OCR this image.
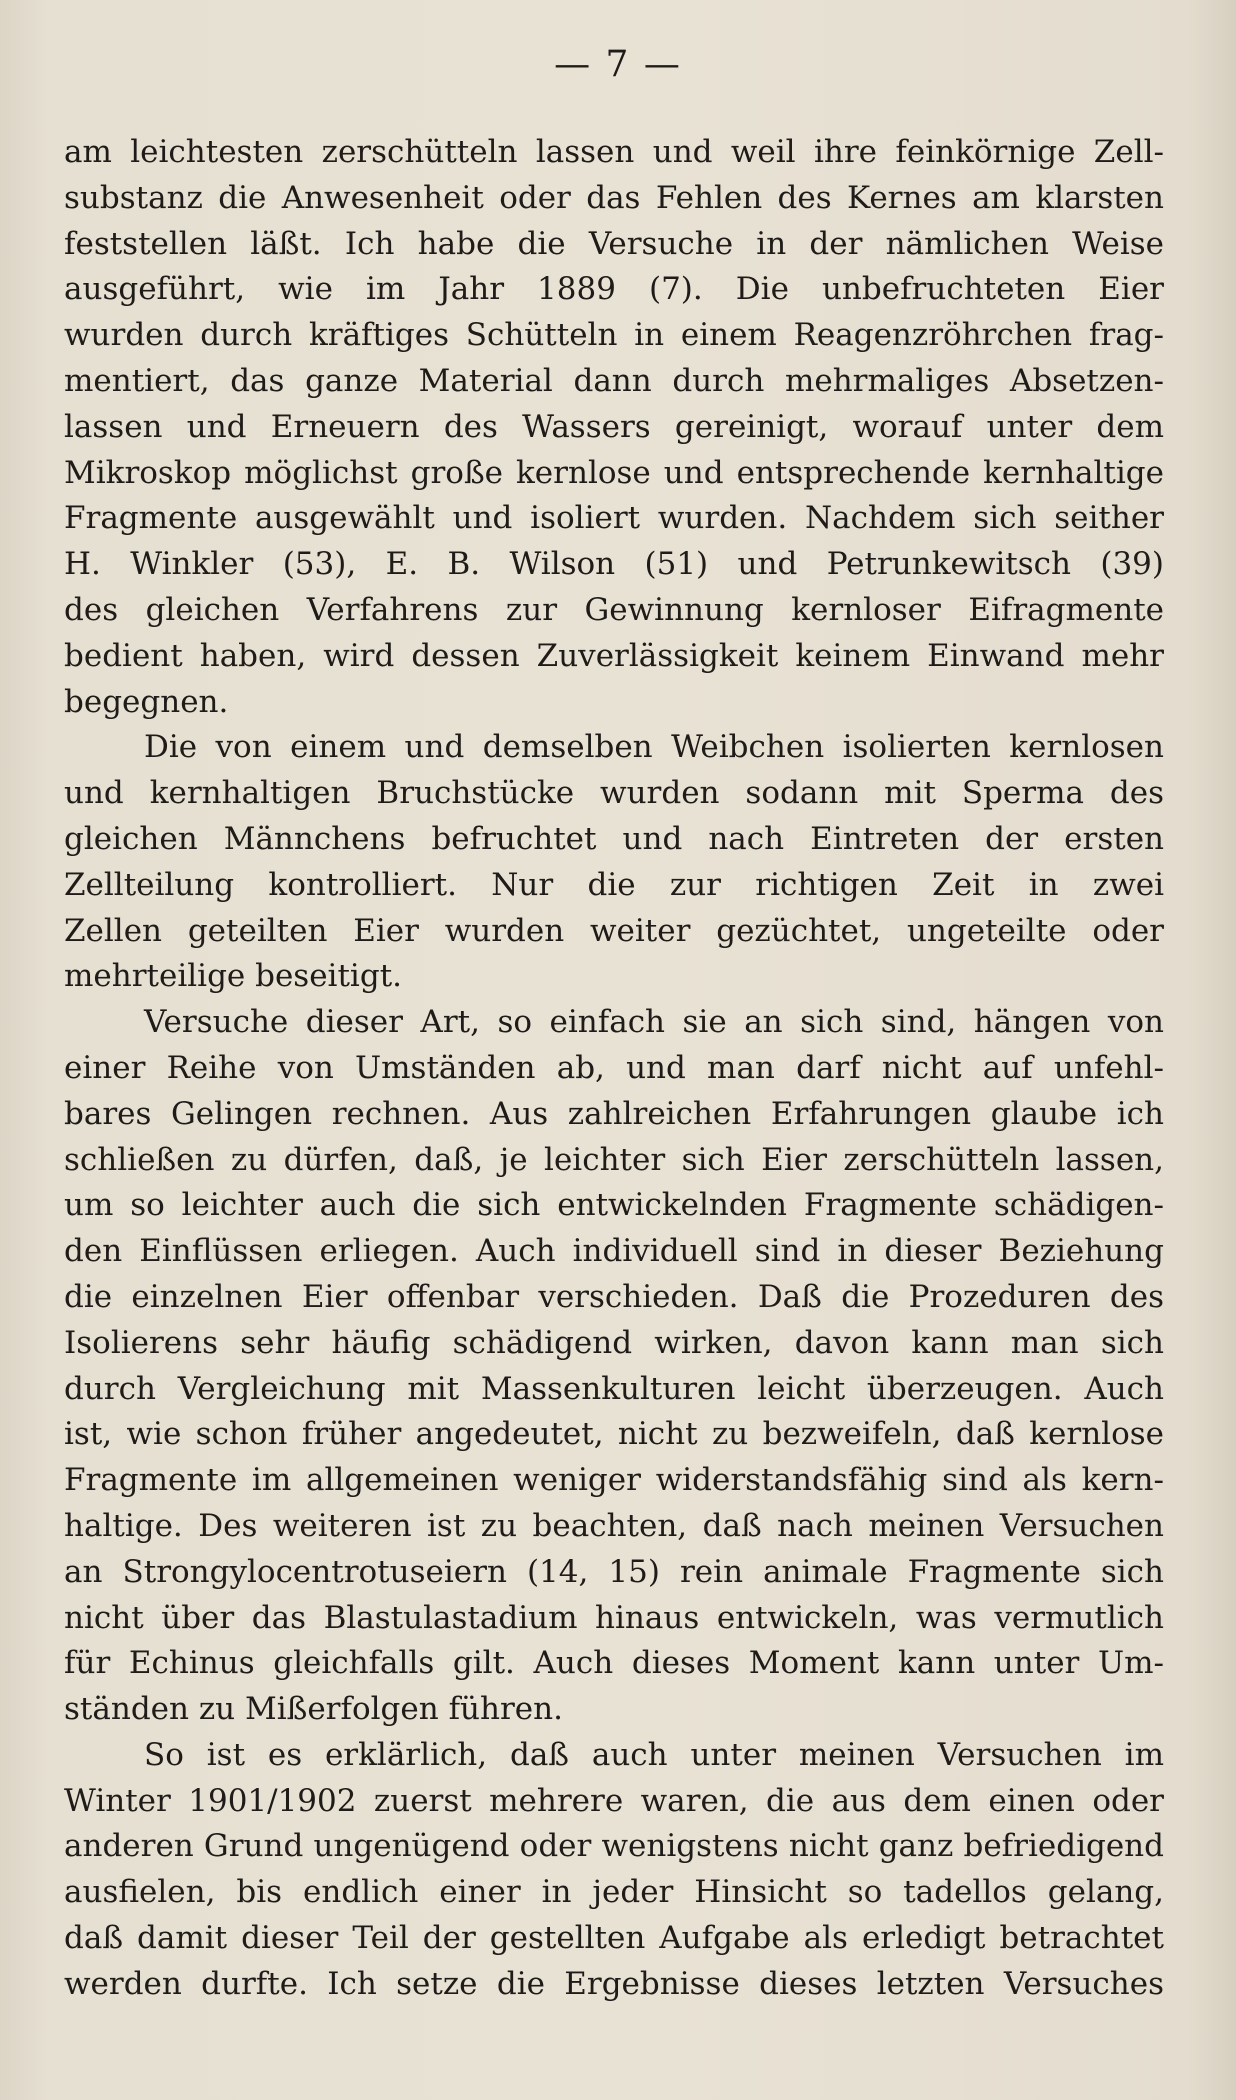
— 7 —
am leichtesten zerschütteln lassen und weil ihre feinkörnige Zell-
substanz die Anwesenheit oder das Fehlen des Kernes am klarsten
feststellen läßt. Ich habe die Versuche in der nämlichen Weise
ausgeführt, wie im Jahr 1889 (7). Die unbefruchteten Eier
wurden durch kräftiges Schütteln in einem Reagenzröhrchen frag-
mentiert, das ganze Material dann durch mehrmaliges Absetzen-
lassen und Erneuern des Wassers gereinigt, worauf unter dem
Mikroskop möglichst große kernlose und entsprechende kernhaltige
Fragmente ausgewählt und isoliert wurden. Nachdem sich seither
H. Winkler (53), E. B. Wilson (51) und Petrunkewitsch (39)
des gleichen Verfahrens zur Gewinnung kernloser Eifragmente
bedient haben, wird dessen Zuverlässigkeit keinem Einwand mehr
begegnen.
Die von einem und demselben Weibchen isolierten kernlosen
und kernhaltigen Bruchstücke wurden sodann mit Sperma des
gleichen Männchens befruchtet und nach Eintreten der ersten
Zellteilung kontrolliert. Nur die zur richtigen Zeit in zwei
Zellen geteilten Eier wurden weiter gezüchtet, ungeteilte oder
mehrteilige beseitigt.
Versuche dieser Art, so einfach sie an sich sind, hängen von
einer Reihe von Umständen ab, und man darf nicht auf unfehl-
bares Gelingen rechnen. Aus zahlreichen Erfahrungen glaube ich
schließen zu dürfen, daß, je leichter sich Eier zerschütteln lassen,
um so leichter auch die sich entwickelnden Fragmente schädigen-
den Einflüssen erliegen. Auch individuell sind in dieser Beziehung
die einzelnen Eier offenbar verschieden. Daß die Prozeduren des
Isolierens sehr häufig schädigend wirken, davon kann man sich
durch Vergleichung mit Massenkulturen leicht überzeugen. Auch
ist, wie schon früher angedeutet, nicht zu bezweifeln, daß kernlose
Fragmente im allgemeinen weniger widerstandsfähig sind als kern-
haltige. Des weiteren ist zu beachten, daß nach meinen Versuchen
an Strongylocentrotuseiern (14, 15) rein animale Fragmente sich
nicht über das Blastulastadium hinaus entwickeln, was vermutlich
für Echinus gleichfalls gilt. Auch dieses Moment kann unter Um-
ständen zu Mißerfolgen führen.
So ist es erklärlich, daß auch unter meinen Versuchen im
Winter 1901/1902 zuerst mehrere waren, die aus dem einen oder
anderen Grund ungenügend oder wenigstens nicht ganz befriedigend
ausfielen, bis endlich einer in jeder Hinsicht so tadellos gelang,
daß damit dieser Teil der gestellten Aufgabe als erledigt betrachtet
werden durfte. Ich setze die Ergebnisse dieses letzten Versuches
